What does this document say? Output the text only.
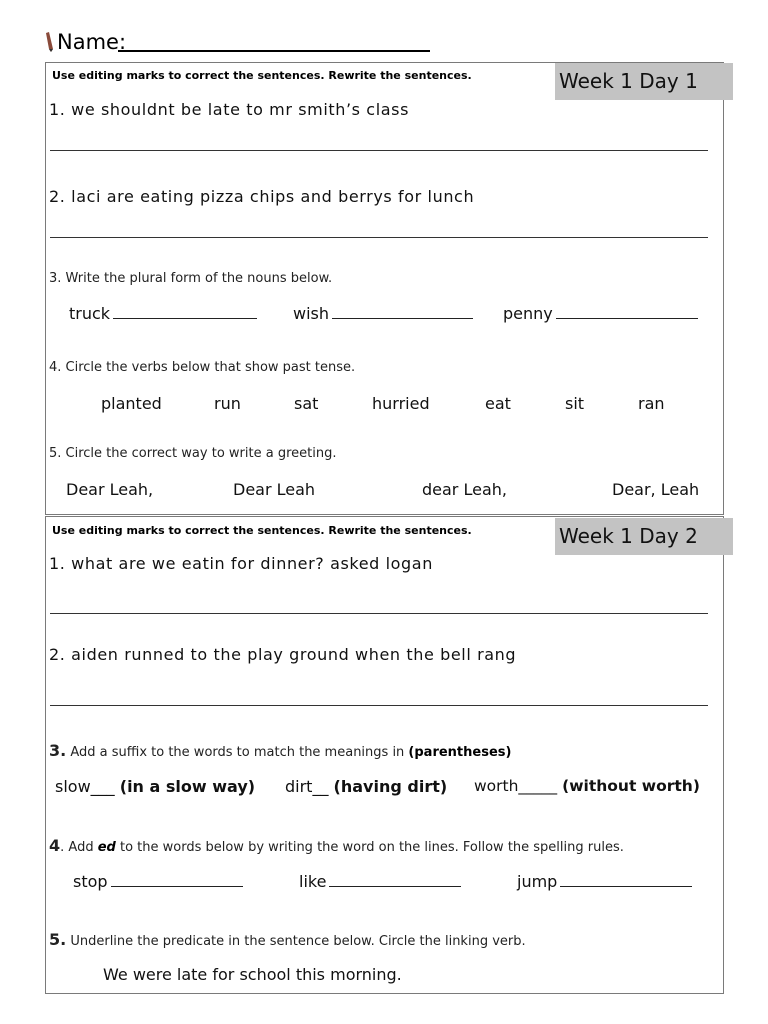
Name:
Week 1 Day 1
Use editing marks to correct the sentences. Rewrite the sentences.
1. we shouldnt be late to mr smith’s class
2. laci are eating pizza chips and berrys for lunch
3. Write the plural form of the nouns below.
truck	wish	penny
4. Circle the verbs below that show past tense.
planted	run	sat	hurried	eat	sit	ran
5. Circle the correct way to write a greeting.
Dear Leah,	Dear Leah	dear Leah,	Dear, Leah
Week 1 Day 2
Use editing marks to correct the sentences. Rewrite the sentences.
1. what are we eatin for dinner? asked logan
2. aiden runned to the play ground when the bell rang
3. Add a suffix to the words to match the meanings in (parentheses)
slow___ (in a slow way) dirt__ (having dirt) worth_____ (without worth)
4. Add ed to the words below by writing the word on the lines. Follow the spelling rules.
stop	like	jump
5. Underline the predicate in the sentence below. Circle the linking verb.
We were late for school this morning.
